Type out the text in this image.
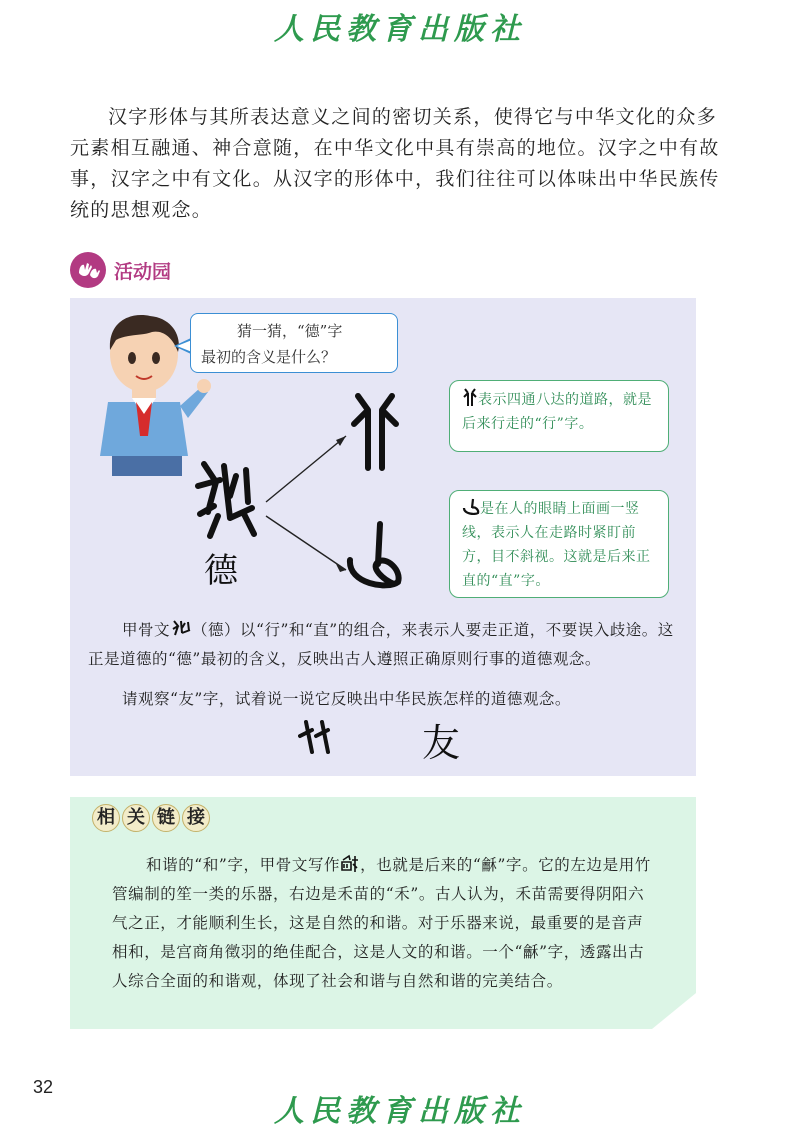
人民教育出版社

汉字形体与其所表达意义之间的密切关系，使得它与中华文化的众多元素相互融通、神合意随，在中华文化中具有崇高的地位。汉字之中有故事，汉字之中有文化。从汉字的形体中，我们往往可以体味出中华民族传统的思想观念。

活动园
猜一猜，“德”字
最初的含义是什么？
德
表示四通八达的道路，就是后来行走的“行”字。
是在人的眼睛上面画一竖线，表示人在走路时紧盯前方，目不斜视。这就是后来正直的“直”字。

甲骨文 （德）以“行”和“直”的组合，来表示人要走正道，不要误入歧途。这正是道德的“德”最初的含义，反映出古人遵照正确原则行事的道德观念。

请观察“友”字，试着说一说它反映出中华民族怎样的道德观念。

友
相 关 链 接

和谐的“和”字，甲骨文写作 ，也就是后来的“龢”字。它的左边是用竹管编制的笙一类的乐器，右边是禾苗的“禾”。古人认为，禾苗需要得阴阳六气之正，才能顺利生长，这是自然的和谐。对于乐器来说，最重要的是音声相和，是宫商角徵羽的绝佳配合，这是人文的和谐。一个“龢”字，透露出古人综合全面的和谐观，体现了社会和谐与自然和谐的完美结合。

32
人民教育出版社
